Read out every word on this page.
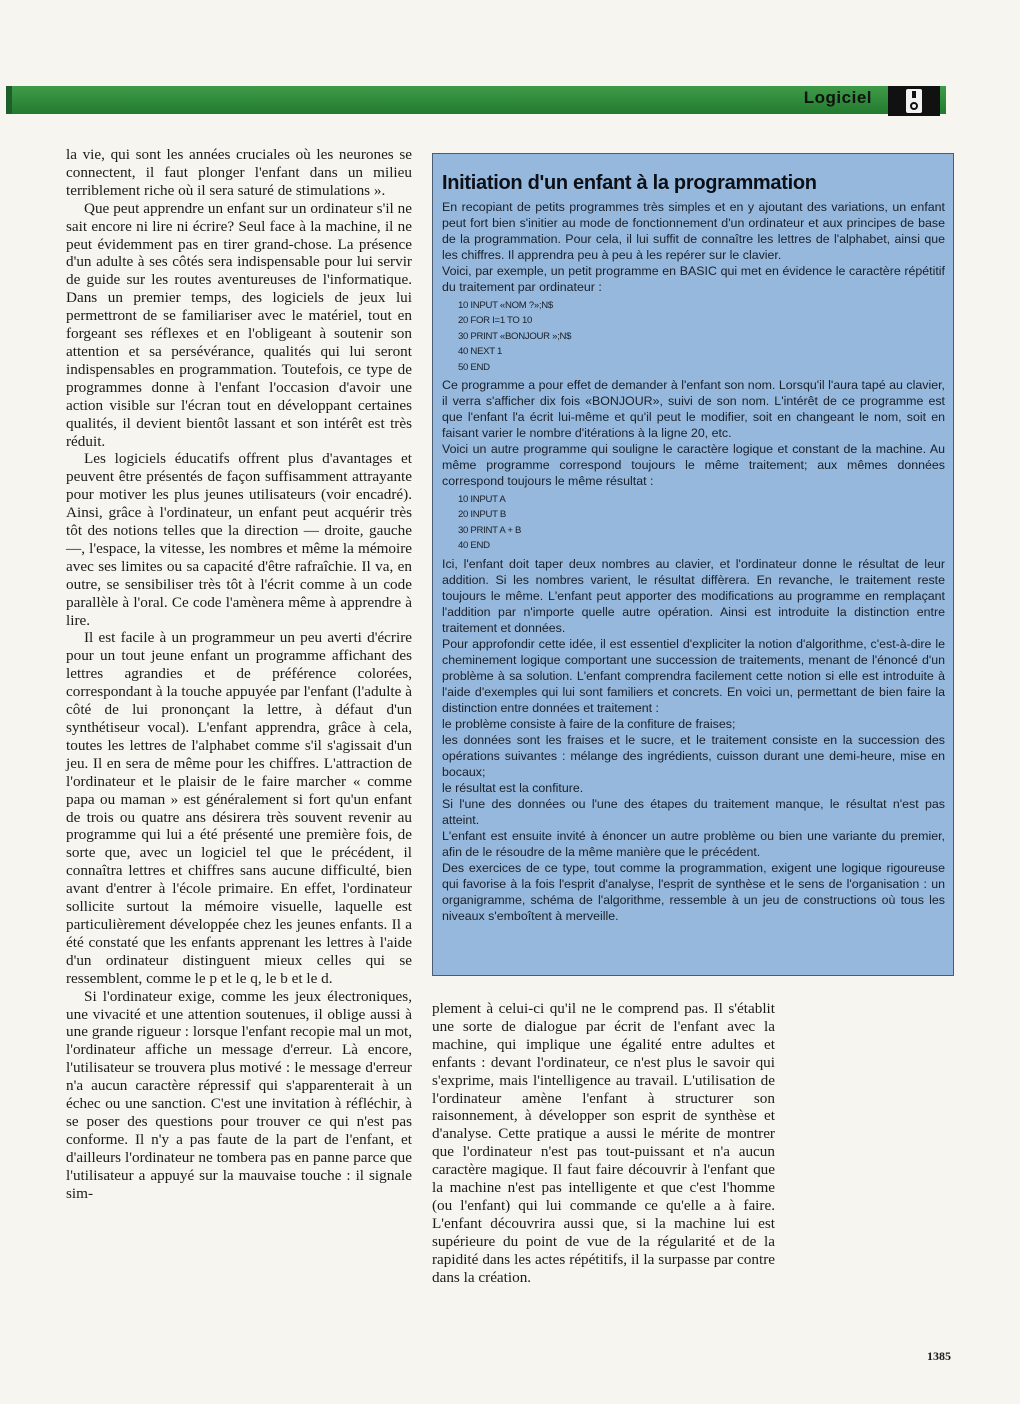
Logiciel

la vie, qui sont les années cruciales où les neurones se connectent, il faut plonger l'enfant dans un milieu terriblement riche où il sera saturé de stimulations ».

Que peut apprendre un enfant sur un ordinateur s'il ne sait encore ni lire ni écrire? Seul face à la machine, il ne peut évidemment pas en tirer grand-chose. La présence d'un adulte à ses côtés sera indispensable pour lui servir de guide sur les routes aventureuses de l'informatique. Dans un premier temps, des logiciels de jeux lui permettront de se familiariser avec le matériel, tout en forgeant ses réflexes et en l'obligeant à soutenir son attention et sa persévérance, qualités qui lui seront indispensables en programmation. Toutefois, ce type de programmes donne à l'enfant l'occasion d'avoir une action visible sur l'écran tout en développant certaines qualités, il devient bientôt lassant et son intérêt est très réduit.

Les logiciels éducatifs offrent plus d'avantages et peuvent être présentés de façon suffisamment attrayante pour motiver les plus jeunes utilisateurs (voir encadré). Ainsi, grâce à l'ordinateur, un enfant peut acquérir très tôt des notions telles que la direction — droite, gauche —, l'espace, la vitesse, les nombres et même la mémoire avec ses limites ou sa capacité d'être rafraîchie. Il va, en outre, se sensibiliser très tôt à l'écrit comme à un code parallèle à l'oral. Ce code l'amènera même à apprendre à lire.

Il est facile à un programmeur un peu averti d'écrire pour un tout jeune enfant un programme affichant des lettres agrandies et de préférence colorées, correspondant à la touche appuyée par l'enfant (l'adulte à côté de lui prononçant la lettre, à défaut d'un synthétiseur vocal). L'enfant apprendra, grâce à cela, toutes les lettres de l'alphabet comme s'il s'agissait d'un jeu. Il en sera de même pour les chiffres. L'attraction de l'ordinateur et le plaisir de le faire marcher « comme papa ou maman » est généralement si fort qu'un enfant de trois ou quatre ans désirera très souvent revenir au programme qui lui a été présenté une première fois, de sorte que, avec un logiciel tel que le précédent, il connaîtra lettres et chiffres sans aucune difficulté, bien avant d'entrer à l'école primaire. En effet, l'ordinateur sollicite surtout la mémoire visuelle, laquelle est particulièrement développée chez les jeunes enfants. Il a été constaté que les enfants apprenant les lettres à l'aide d'un ordinateur distinguent mieux celles qui se ressemblent, comme le p et le q, le b et le d.

Si l'ordinateur exige, comme les jeux électroniques, une vivacité et une attention soutenues, il oblige aussi à une grande rigueur : lorsque l'enfant recopie mal un mot, l'ordinateur affiche un message d'erreur. Là encore, l'utilisateur se trouvera plus motivé : le message d'erreur n'a aucun caractère répressif qui s'apparenterait à un échec ou une sanction. C'est une invitation à réfléchir, à se poser des questions pour trouver ce qui n'est pas conforme. Il n'y a pas faute de la part de l'enfant, et d'ailleurs l'ordinateur ne tombera pas en panne parce que l'utilisateur a appuyé sur la mauvaise touche : il signale sim-

Initiation d'un enfant à la programmation

En recopiant de petits programmes très simples et en y ajoutant des variations, un enfant peut fort bien s'initier au mode de fonctionnement d'un ordinateur et aux principes de base de la programmation. Pour cela, il lui suffit de connaître les lettres de l'alphabet, ainsi que les chiffres. Il apprendra peu à peu à les repérer sur le clavier.

Voici, par exemple, un petit programme en BASIC qui met en évidence le caractère répétitif du traitement par ordinateur :

10 INPUT «NOM ?»;N$
20 FOR I=1 TO 10
30 PRINT «BONJOUR »;N$
40 NEXT 1
50 END

Ce programme a pour effet de demander à l'enfant son nom. Lorsqu'il l'aura tapé au clavier, il verra s'afficher dix fois «BONJOUR», suivi de son nom. L'intérêt de ce programme est que l'enfant l'a écrit lui-même et qu'il peut le modifier, soit en changeant le nom, soit en faisant varier le nombre d'itérations à la ligne 20, etc.

Voici un autre programme qui souligne le caractère logique et constant de la machine. Au même programme correspond toujours le même traitement; aux mêmes données correspond toujours le même résultat :

10 INPUT A
20 INPUT B
30 PRINT A + B
40 END

Ici, l'enfant doit taper deux nombres au clavier, et l'ordinateur donne le résultat de leur addition. Si les nombres varient, le résultat diffèrera. En revanche, le traitement reste toujours le même. L'enfant peut apporter des modifications au programme en remplaçant l'addition par n'importe quelle autre opération. Ainsi est introduite la distinction entre traitement et données.

Pour approfondir cette idée, il est essentiel d'expliciter la notion d'algorithme, c'est-à-dire le cheminement logique comportant une succession de traitements, menant de l'énoncé d'un problème à sa solution. L'enfant comprendra facilement cette notion si elle est introduite à l'aide d'exemples qui lui sont familiers et concrets. En voici un, permettant de bien faire la distinction entre données et traitement :

le problème consiste à faire de la confiture de fraises;

les données sont les fraises et le sucre, et le traitement consiste en la succession des opérations suivantes : mélange des ingrédients, cuisson durant une demi-heure, mise en bocaux;

le résultat est la confiture.

Si l'une des données ou l'une des étapes du traitement manque, le résultat n'est pas atteint.

L'enfant est ensuite invité à énoncer un autre problème ou bien une variante du premier, afin de le résoudre de la même manière que le précédent.

Des exercices de ce type, tout comme la programmation, exigent une logique rigoureuse qui favorise à la fois l'esprit d'analyse, l'esprit de synthèse et le sens de l'organisation : un organigramme, schéma de l'algorithme, ressemble à un jeu de constructions où tous les niveaux s'emboîtent à merveille.

plement à celui-ci qu'il ne le comprend pas. Il s'établit une sorte de dialogue par écrit de l'enfant avec la machine, qui implique une égalité entre adultes et enfants : devant l'ordinateur, ce n'est plus le savoir qui s'exprime, mais l'intelligence au travail. L'utilisation de l'ordinateur amène l'enfant à structurer son raisonnement, à développer son esprit de synthèse et d'analyse. Cette pratique a aussi le mérite de montrer que l'ordinateur n'est pas tout-puissant et n'a aucun caractère magique. Il faut faire découvrir à l'enfant que la machine n'est pas intelligente et que c'est l'homme (ou l'enfant) qui lui commande ce qu'elle a à faire. L'enfant découvrira aussi que, si la machine lui est supérieure du point de vue de la régularité et de la rapidité dans les actes répétitifs, il la surpasse par contre dans la création.

1385
